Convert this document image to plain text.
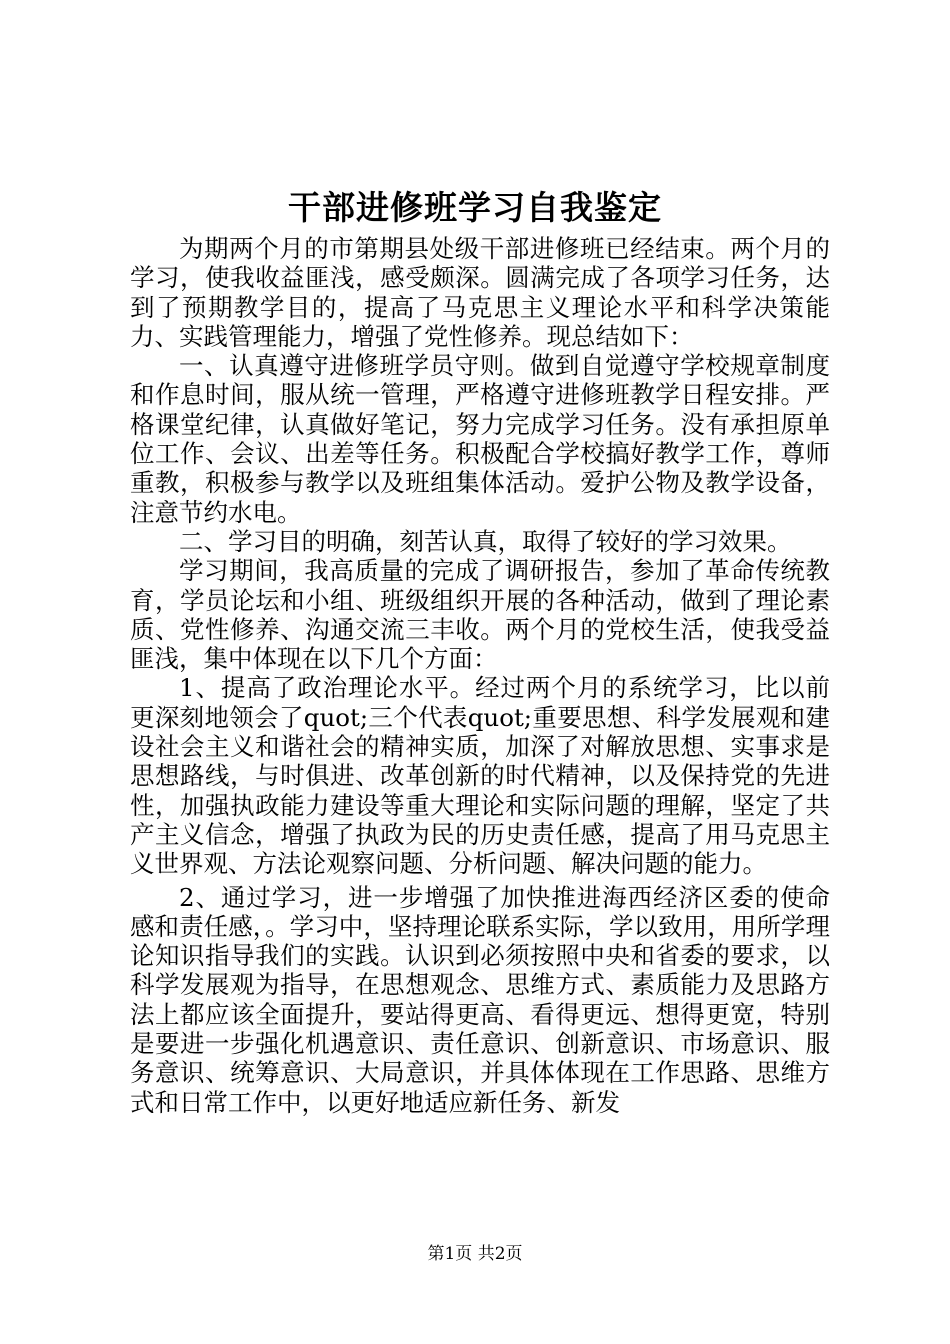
干部进修班学习自我鉴定

为期两个月的市第期县处级干部进修班已经结束。两个月的学习，使我收益匪浅，感受颇深。圆满完成了各项学习任务，达到了预期教学目的，提高了马克思主义理论水平和科学决策能力、实践管理能力，增强了党性修养。现总结如下：

一、认真遵守进修班学员守则。做到自觉遵守学校规章制度和作息时间，服从统一管理，严格遵守进修班教学日程安排。严格课堂纪律，认真做好笔记，努力完成学习任务。没有承担原单位工作、会议、出差等任务。积极配合学校搞好教学工作，尊师重教，积极参与教学以及班组集体活动。爱护公物及教学设备，注意节约水电。

二、学习目的明确，刻苦认真，取得了较好的学习效果。

学习期间，我高质量的完成了调研报告，参加了革命传统教育，学员论坛和小组、班级组织开展的各种活动，做到了理论素质、党性修养、沟通交流三丰收。两个月的党校生活，使我受益匪浅，集中体现在以下几个方面：

1、提高了政治理论水平。经过两个月的系统学习，比以前更深刻地领会了quot;三个代表quot;重要思想、科学发展观和建设社会主义和谐社会的精神实质，加深了对解放思想、实事求是思想路线，与时俱进、改革创新的时代精神，以及保持党的先进性，加强执政能力建设等重大理论和实际问题的理解，坚定了共产主义信念，增强了执政为民的历史责任感，提高了用马克思主义世界观、方法论观察问题、分析问题、解决问题的能力。

2、通过学习，进一步增强了加快推进海西经济区委的使命感和责任感，。学习中，坚持理论联系实际，学以致用，用所学理论知识指导我们的实践。认识到必须按照中央和省委的要求，以科学发展观为指导，在思想观念、思维方式、素质能力及思路方法上都应该全面提升，要站得更高、看得更远、想得更宽，特别是要进一步强化机遇意识、责任意识、创新意识、市场意识、服务意识、统筹意识、大局意识，并具体体现在工作思路、思维方式和日常工作中，以更好地适应新任务、新发

第1页 共2页
